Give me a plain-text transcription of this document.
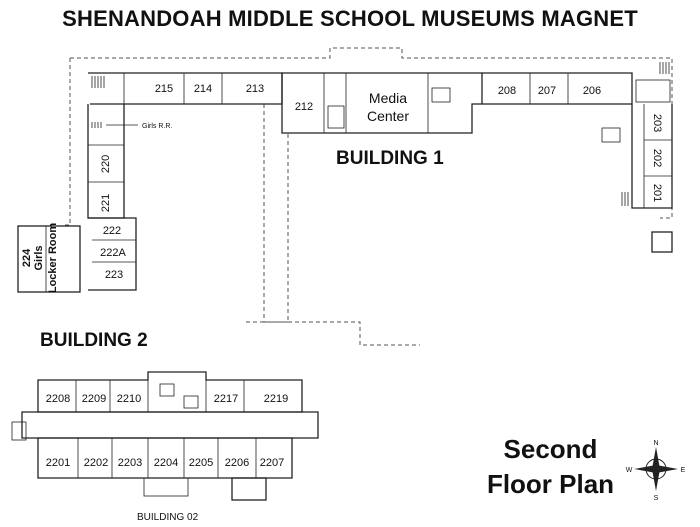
SHENANDOAH MIDDLE SCHOOL MUSEUMS MAGNET
BUILDING 1
BUILDING 2
Second
Floor Plan
BUILDING 02
215 214	213
212
Media
Center
208 207 206
203
202
201
220
221
222
222A
223
224 Girls Locker Room
Girls R.R.
2208 2209 2210	2217 2219
2201 2202 2203 2204 2205 2206 2207
N
S
E
W
